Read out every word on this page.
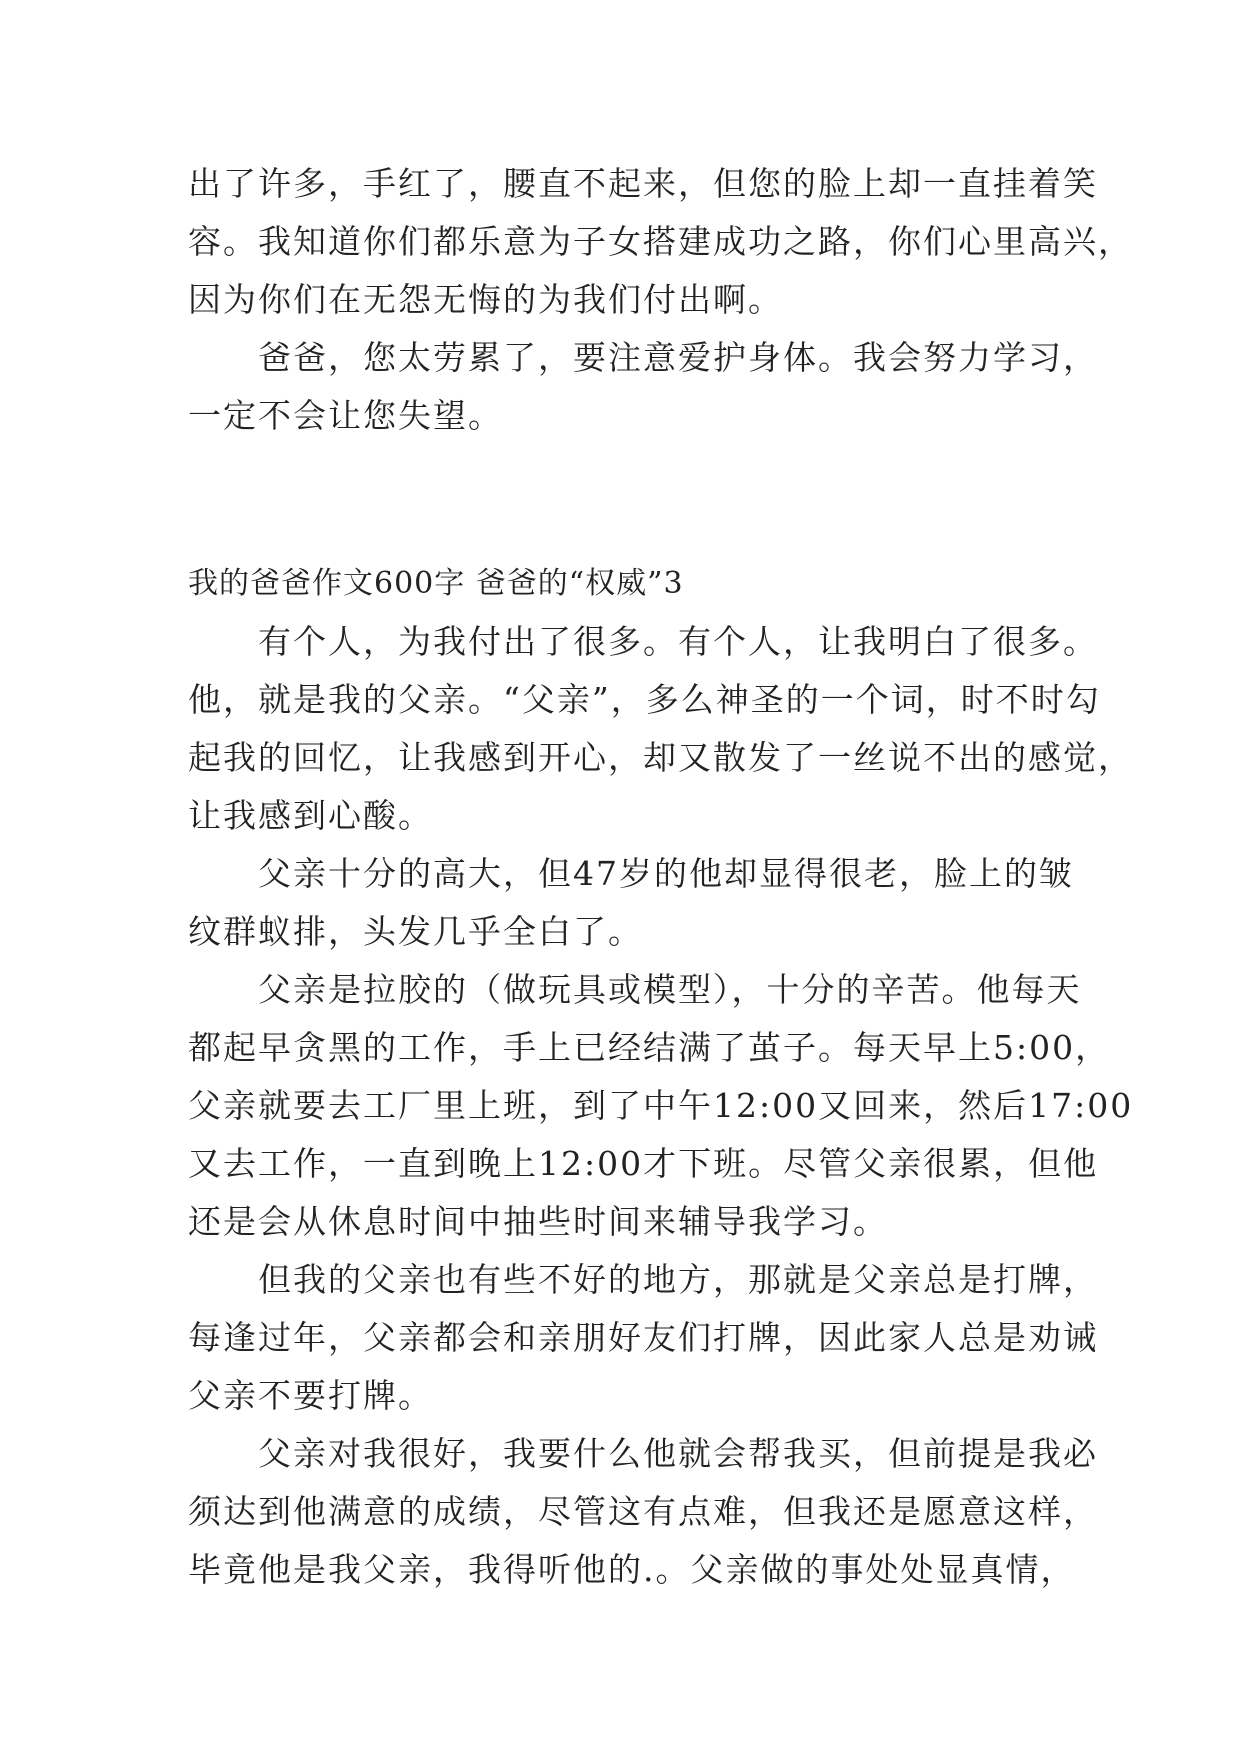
出了许多，手红了，腰直不起来，但您的脸上却一直挂着笑
容。我知道你们都乐意为子女搭建成功之路，你们心里高兴，
因为你们在无怨无悔的为我们付出啊。
爸爸，您太劳累了，要注意爱护身体。我会努力学习，
一定不会让您失望。
我的爸爸作文600字 爸爸的“权威”3
有个人，为我付出了很多。有个人，让我明白了很多。
他，就是我的父亲。“父亲”，多么神圣的一个词，时不时勾
起我的回忆，让我感到开心，却又散发了一丝说不出的感觉，
让我感到心酸。
父亲十分的高大，但47岁的他却显得很老，脸上的皱
纹群蚁排，头发几乎全白了。
父亲是拉胶的（做玩具或模型），十分的辛苦。他每天
都起早贪黑的工作，手上已经结满了茧子。每天早上5:00，
父亲就要去工厂里上班，到了中午12:00又回来，然后17:00
又去工作，一直到晚上12:00才下班。尽管父亲很累，但他
还是会从休息时间中抽些时间来辅导我学习。
但我的父亲也有些不好的地方，那就是父亲总是打牌，
每逢过年，父亲都会和亲朋好友们打牌，因此家人总是劝诫
父亲不要打牌。
父亲对我很好，我要什么他就会帮我买，但前提是我必
须达到他满意的成绩，尽管这有点难，但我还是愿意这样，
毕竟他是我父亲，我得听他的.。父亲做的事处处显真情，
